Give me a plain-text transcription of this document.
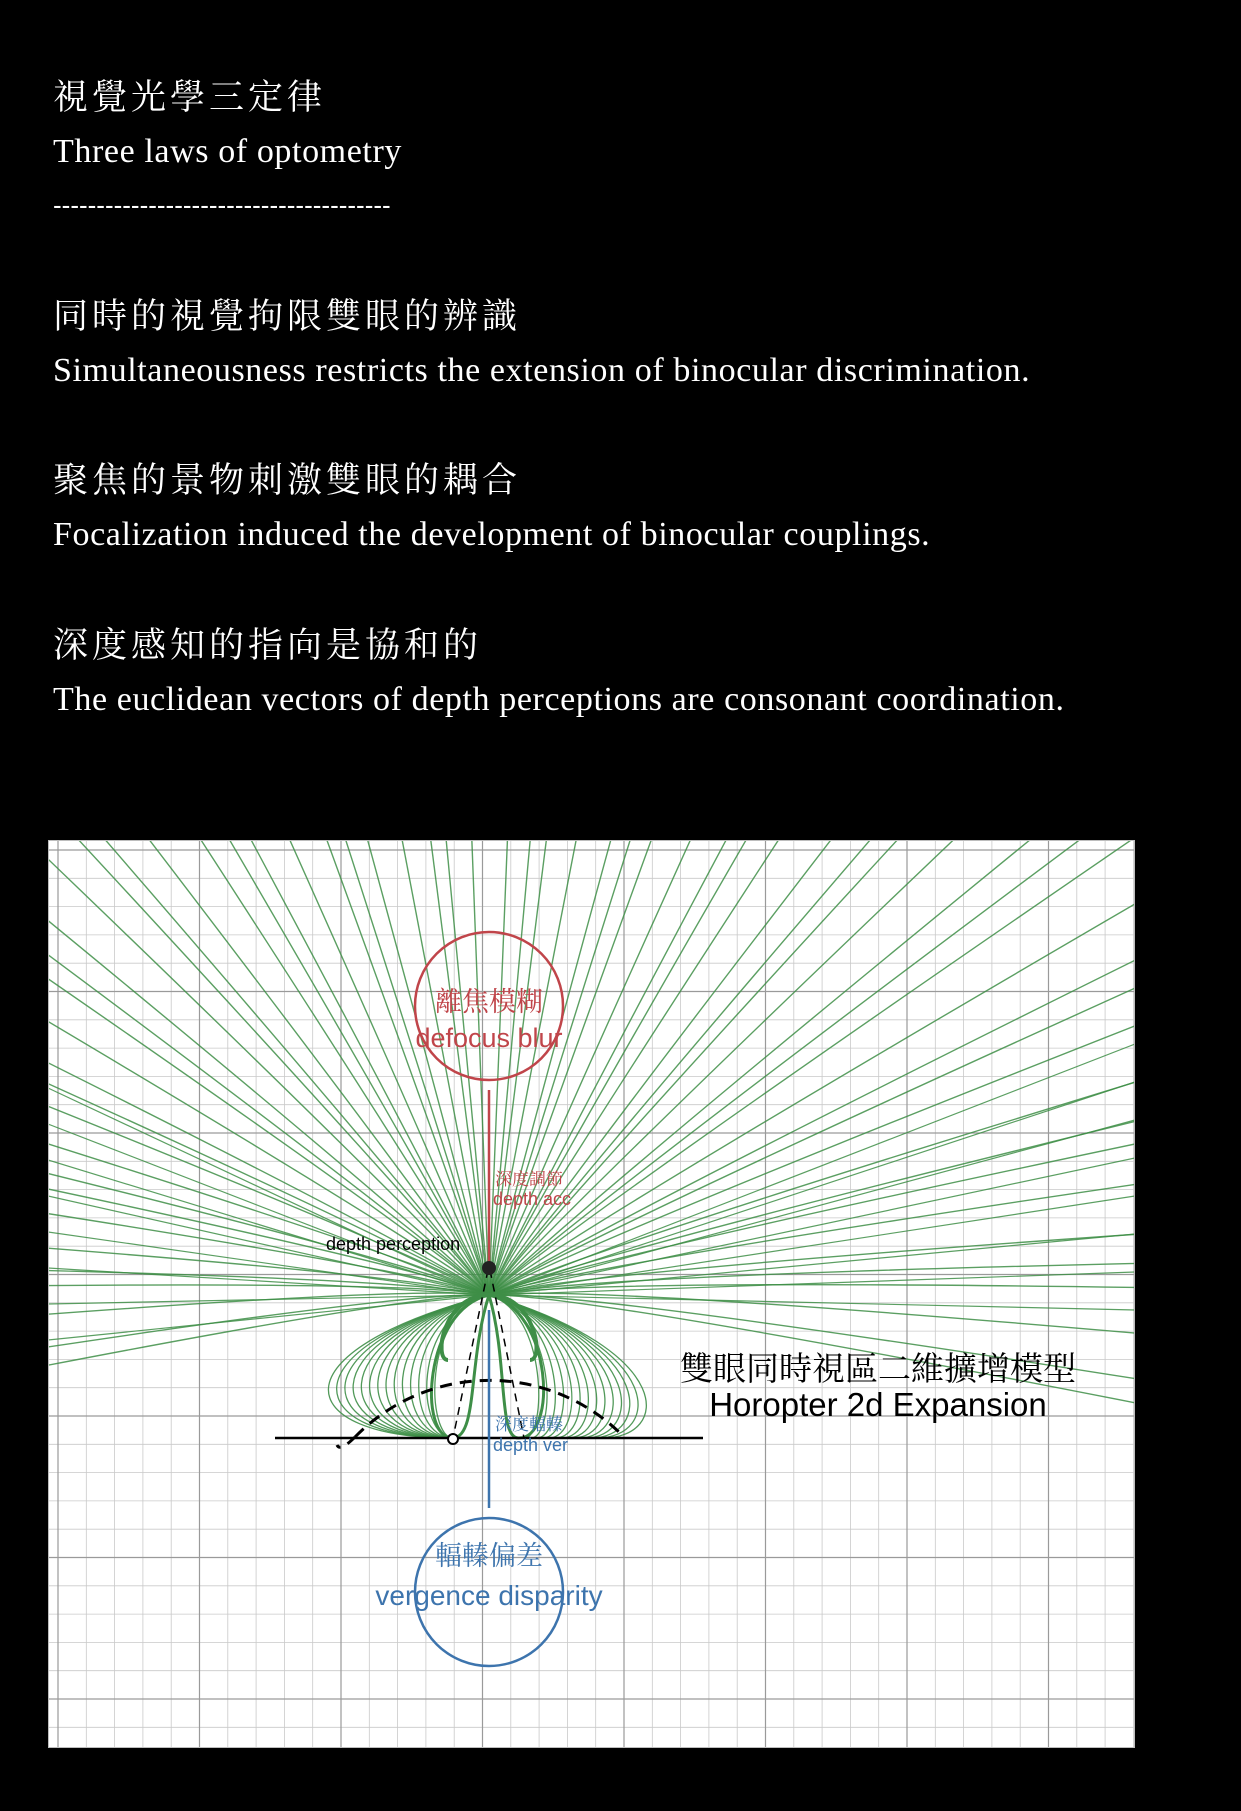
視覺光學三定律
Three laws of optometry
---------------------------------------
同時的視覺拘限雙眼的辨識
Simultaneousness restricts the extension of binocular discrimination.
聚焦的景物刺激雙眼的耦合
Focalization induced the development of binocular couplings.
深度感知的指向是協和的
The euclidean vectors of depth perceptions are consonant coordination.
離焦模糊
defocus blur
深度調節
depth acc
depth perception
深度輻轃
depth ver
輻轃偏差
vergence disparity
雙眼同時視區二維擴增模型
Horopter 2d Expansion
